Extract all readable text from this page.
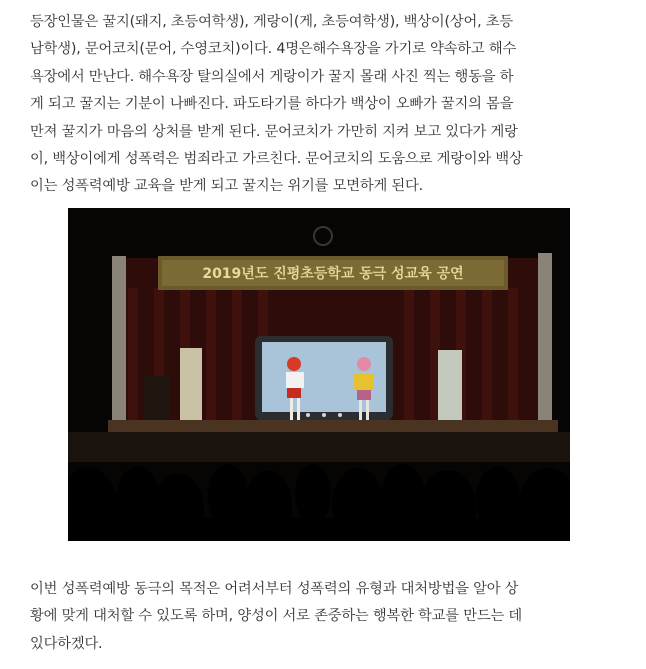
등장인물은 꿀지(돼지, 초등여학생), 게랑이(게, 초등여학생), 백상이(상어, 초등
남학생), 문어코치(문어, 수영코치)이다. 4명은해수욕장을 가기로 약속하고 해수
욕장에서 만난다. 해수욕장 탈의실에서 게랑이가 꿀지 몰래 사진 찍는 행동을 하
게 되고 꿀지는 기분이 나빠진다. 파도타기를 하다가 백상이 오빠가 꿀지의 몸을
만져 꿀지가 마음의 상처를 받게 된다. 문어코치가 가만히 지켜 보고 있다가 게랑
이, 백상이에게 성폭력은 범죄라고 가르친다. 문어코치의 도움으로 게랑이와 백상
이는 성폭력예방 교육을 받게 되고 꿀지는 위기를 모면하게 된다.
2019년도 진평초등학교 동극 성교육 공연
이번 성폭력예방 동극의 목적은 어려서부터 성폭력의 유형과 대처방법을 알아 상
황에 맞게 대처할 수 있도록 하며, 양성이 서로 존중하는 행복한 학교를 만드는 데
있다하겠다.
